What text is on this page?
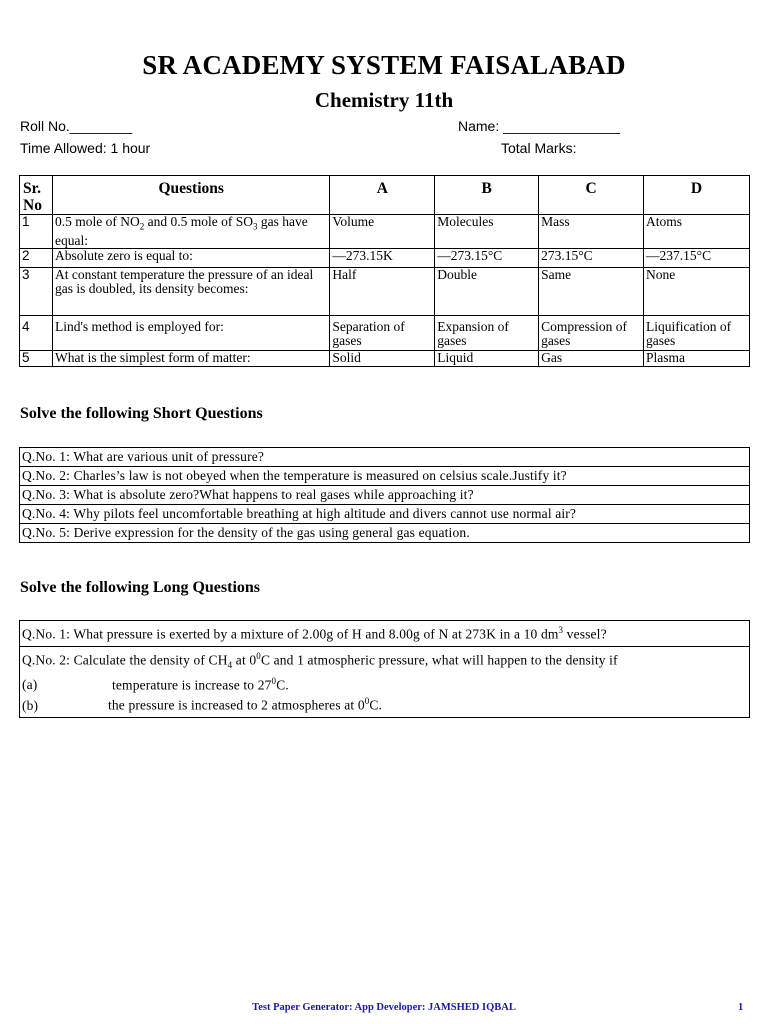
SR ACADEMY SYSTEM FAISALABAD
Chemistry 11th
Roll No.________	Name: _______________
Time Allowed: 1 hour	Total Marks:
Sr.
No	Questions	A	B	C	D
1	0.5 mole of $NO_2$ and 0.5 mole of $SO_3$ gas have equal:	Volume	Molecules	Mass	Atoms
2	Absolute zero is equal to:	—273.15K	—273.15°C	273.15°C	—237.15°C
3	At constant temperature the pressure of an ideal gas is doubled, its density becomes:	Half	Double	Same	None
4	Lind's method is employed for:	Separation of gases	Expansion of gases	Compression of gases	Liquification of gases
5	What is the simplest form of matter:	Solid	Liquid	Gas	Plasma
Solve the following Short Questions
Q.No. 1: What are various unit of pressure?
Q.No. 2: Charles’s law is not obeyed when the temperature is measured on celsius scale.Justify it?
Q.No. 3: What is absolute zero?What happens to real gases while approaching it?
Q.No. 4: Why pilots feel uncomfortable breathing at high altitude and divers cannot use normal air?
Q.No. 5: Derive expression for the density of the gas using general gas equation.
Solve the following Long Questions
Q.No. 1: What pressure is exerted by a mixture of 2.00g of H and 8.00g of N at 273K in a 10 $dm^3$ vessel?

Q.No. 2: Calculate the density of $CH_4$ at $0^0C$ and 1 atmospheric pressure, what will happen to the density if
(a)	temperature is increase to $27^0C$.
(b)	the pressure is increased to 2 atmospheres at $0^0C$.
Test Paper Generator: App Developer: JAMSHED IQBAL	1
